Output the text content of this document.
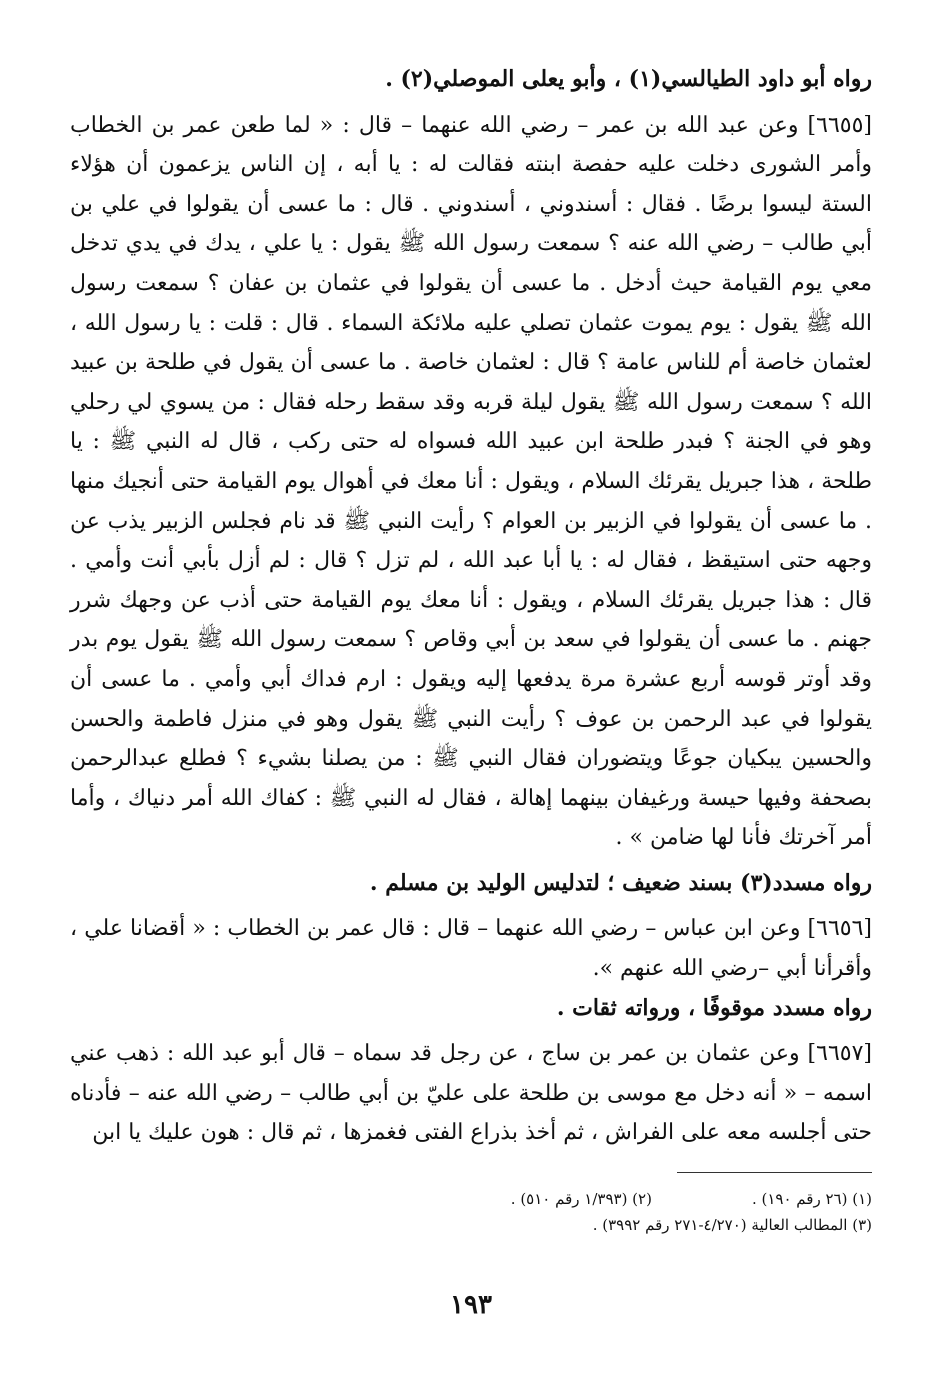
رواه أبو داود الطيالسي(١) ، وأبو يعلى الموصلي(٢) .

[٦٦٥٥] وعن عبد الله بن عمر – رضي الله عنهما – قال : « لما طعن عمر بن الخطاب وأمر الشورى دخلت عليه حفصة ابنته فقالت له : يا أبه ، إن الناس يزعمون أن هؤلاء الستة ليسوا برضًا . فقال : أسندوني ، أسندوني . قال : ما عسى أن يقولوا في علي بن أبي طالب – رضي الله عنه ؟ سمعت رسول الله ﷺ يقول : يا علي ، يدك في يدي تدخل معي يوم القيامة حيث أدخل . ما عسى أن يقولوا في عثمان بن عفان ؟ سمعت رسول الله ﷺ يقول : يوم يموت عثمان تصلي عليه ملائكة السماء . قال : قلت : يا رسول الله ، لعثمان خاصة أم للناس عامة ؟ قال : لعثمان خاصة . ما عسى أن يقول في طلحة بن عبيد الله ؟ سمعت رسول الله ﷺ يقول ليلة قربه وقد سقط رحله فقال : من يسوي لي رحلي وهو في الجنة ؟ فبدر طلحة ابن عبيد الله فسواه له حتى ركب ، قال له النبي ﷺ : يا طلحة ، هذا جبريل يقرئك السلام ، ويقول : أنا معك في أهوال يوم القيامة حتى أنجيك منها . ما عسى أن يقولوا في الزبير بن العوام ؟ رأيت النبي ﷺ قد نام فجلس الزبير يذب عن وجهه حتى استيقظ ، فقال له : يا أبا عبد الله ، لم تزل ؟ قال : لم أزل بأبي أنت وأمي . قال : هذا جبريل يقرئك السلام ، ويقول : أنا معك يوم القيامة حتى أذب عن وجهك شرر جهنم . ما عسى أن يقولوا في سعد بن أبي وقاص ؟ سمعت رسول الله ﷺ يقول يوم بدر وقد أوتر قوسه أربع عشرة مرة يدفعها إليه ويقول : ارم فداك أبي وأمي . ما عسى أن يقولوا في عبد الرحمن بن عوف ؟ رأيت النبي ﷺ يقول وهو في منزل فاطمة والحسن والحسين يبكيان جوعًا ويتضوران فقال النبي ﷺ : من يصلنا بشيء ؟ فطلع عبدالرحمن بصحفة وفيها حيسة ورغيفان بينهما إهالة ، فقال له النبي ﷺ : كفاك الله أمر دنياك ، وأما أمر آخرتك فأنا لها ضامن » .

رواه مسدد(٣) بسند ضعيف ؛ لتدليس الوليد بن مسلم .

[٦٦٥٦] وعن ابن عباس – رضي الله عنهما – قال : قال عمر بن الخطاب : « أقضانا علي ، وأقرأنا أبي –رضي الله عنهم ».

رواه مسدد موقوفًا ، ورواته ثقات .

[٦٦٥٧] وعن عثمان بن عمر بن ساج ، عن رجل قد سماه – قال أبو عبد الله : ذهب عني اسمه – « أنه دخل مع موسى بن طلحة على عليّ بن أبي طالب – رضي الله عنه – فأدناه حتى أجلسه معه على الفراش ، ثم أخذ بذراع الفتى فغمزها ، ثم قال : هون عليك يا ابن

(١) (٢٦ رقم ١٩٠) .(٢) (١/٣٩٣ رقم ٥١٠) .
(٣) المطالب العالية (٤/٢٧٠-٢٧١ رقم ٣٩٩٢) .
١٩٣
